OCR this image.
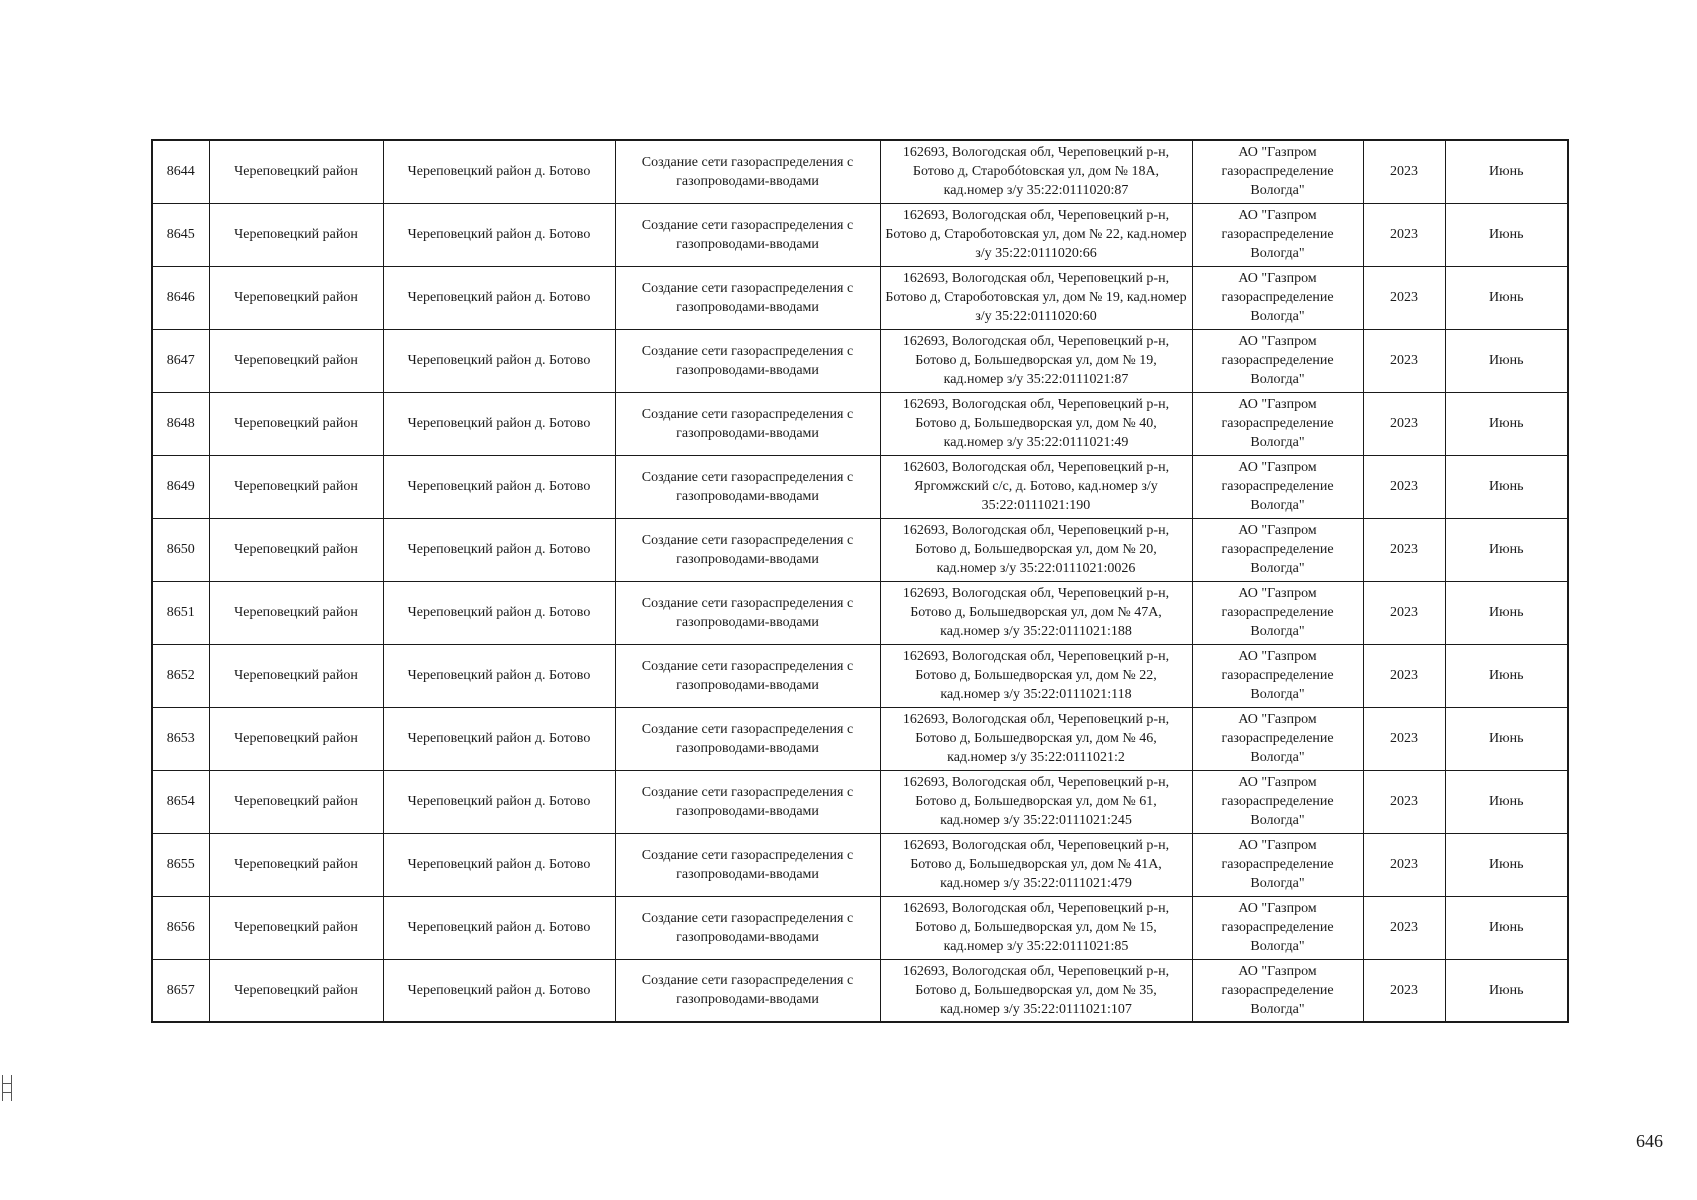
8644	Череповецкий район	Череповецкий район д. Ботово	Создание сети газораспределения с газопроводами-вводами	162693, Вологодская обл, Череповецкий р-н, Ботово д, Старобótовская ул, дом № 18А, кад.номер з/у 35:22:0111020:87	АО "Газпром газораспределение Вологда"	2023	Июнь
8645	Череповецкий район	Череповецкий район д. Ботово	Создание сети газораспределения с газопроводами-вводами	162693, Вологодская обл, Череповецкий р-н, Ботово д, Старобoтовская ул, дом № 22, кад.номер з/у 35:22:0111020:66	АО "Газпром газораспределение Вологда"	2023	Июнь
8646	Череповецкий район	Череповецкий район д. Ботово	Создание сети газораспределения с газопроводами-вводами	162693, Вологодская обл, Череповецкий р-н, Ботово д, Старобoтовская ул, дом № 19, кад.номер з/у 35:22:0111020:60	АО "Газпром газораспределение Вологда"	2023	Июнь
8647	Череповецкий район	Череповецкий район д. Ботово	Создание сети газораспределения с газопроводами-вводами	162693, Вологодская обл, Череповецкий р-н, Ботово д, Большедворская ул, дом № 19, кад.номер з/у 35:22:0111021:87	АО "Газпром газораспределение Вологда"	2023	Июнь
8648	Череповецкий район	Череповецкий район д. Ботово	Создание сети газораспределения с газопроводами-вводами	162693, Вологодская обл, Череповецкий р-н, Ботово д, Большедворская ул, дом № 40, кад.номер з/у 35:22:0111021:49	АО "Газпром газораспределение Вологда"	2023	Июнь
8649	Череповецкий район	Череповецкий район д. Ботово	Создание сети газораспределения с газопроводами-вводами	162603, Вологодская обл, Череповецкий р-н, Яргомжский с/с, д. Ботово, кад.номер з/у 35:22:0111021:190	АО "Газпром газораспределение Вологда"	2023	Июнь
8650	Череповецкий район	Череповецкий район д. Ботово	Создание сети газораспределения с газопроводами-вводами	162693, Вологодская обл, Череповецкий р-н, Ботово д, Большедворская ул, дом № 20, кад.номер з/у 35:22:0111021:0026	АО "Газпром газораспределение Вологда"	2023	Июнь
8651	Череповецкий район	Череповецкий район д. Ботово	Создание сети газораспределения с газопроводами-вводами	162693, Вологодская обл, Череповецкий р-н, Ботово д, Большедворская ул, дом № 47А, кад.номер з/у 35:22:0111021:188	АО "Газпром газораспределение Вологда"	2023	Июнь
8652	Череповецкий район	Череповецкий район д. Ботово	Создание сети газораспределения с газопроводами-вводами	162693, Вологодская обл, Череповецкий р-н, Ботово д, Большедворская ул, дом № 22, кад.номер з/у 35:22:0111021:118	АО "Газпром газораспределение Вологда"	2023	Июнь
8653	Череповецкий район	Череповецкий район д. Ботово	Создание сети газораспределения с газопроводами-вводами	162693, Вологодская обл, Череповецкий р-н, Ботово д, Большедворская ул, дом № 46, кад.номер з/у 35:22:0111021:2	АО "Газпром газораспределение Вологда"	2023	Июнь
8654	Череповецкий район	Череповецкий район д. Ботово	Создание сети газораспределения с газопроводами-вводами	162693, Вологодская обл, Череповецкий р-н, Ботово д, Большедворская ул, дом № 61, кад.номер з/у 35:22:0111021:245	АО "Газпром газораспределение Вологда"	2023	Июнь
8655	Череповецкий район	Череповецкий район д. Ботово	Создание сети газораспределения с газопроводами-вводами	162693, Вологодская обл, Череповецкий р-н, Ботово д, Большедворская ул, дом № 41А, кад.номер з/у 35:22:0111021:479	АО "Газпром газораспределение Вологда"	2023	Июнь
8656	Череповецкий район	Череповецкий район д. Ботово	Создание сети газораспределения с газопроводами-вводами	162693, Вологодская обл, Череповецкий р-н, Ботово д, Большедворская ул, дом № 15, кад.номер з/у 35:22:0111021:85	АО "Газпром газораспределение Вологда"	2023	Июнь
8657	Череповецкий район	Череповецкий район д. Ботово	Создание сети газораспределения с газопроводами-вводами	162693, Вологодская обл, Череповецкий р-н, Ботово д, Большедворская ул, дом № 35, кад.номер з/у 35:22:0111021:107	АО "Газпром газораспределение Вологда"	2023	Июнь
646
